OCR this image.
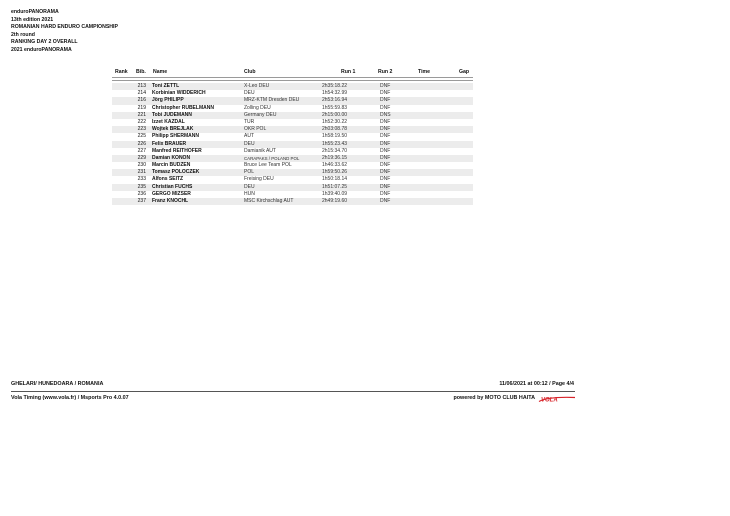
enduroPANORAMA
13th edition 2021
ROMANIAN HARD ENDURO CAMPIONSHIP
2th round
RANKING DAY 2 OVERALL
2021 enduroPANORAMA
Rank Bib. Name	Club	Run 1	Run 2	Time	Gap
213 Toni ZETTL	X-Leo DEU	2h35:18.22	DNF
214 Korbinian WIDDERICH	DEU	1h54:32.99	DNF
216 Jörg PHILIPP	MRZ-KTM Dresden DEU	2h53:16.94	DNF
219 Christopher RUBELMANN	Zolling DEU	1h55:59.83	DNF
221 Tobi JUDEMANN	Germany DEU	2h15:00.00	DNS
222 Izzet KAZDAL	TUR	1h52:30.22	DNF
223 Wojtek BREJLAK	OKR POL	2h03:08.78	DNF
225 Philipp SHERMANN	AUT	1h58:19.50	DNF
226 Felix BRAUER	DEU	1h55:23.43	DNF
227 Manfred REITHOFER	Damianik AUT	2h15:34.70	DNF
229 Damian KONON	CARAPAKS / POLAND POL	2h19:36.15	DNF
230 Marcin BUDZEN	Bruce Lee Team POL	1h46:33.62	DNF
231 Tomasz POLOCZEK	POL	1h59:50.26	DNF
233 Alfons SEITZ	Freising DEU	1h50:18.14	DNF
235 Christian FUCHS	DEU	1h51:07.25	DNF
236 GERGO MIZSER	HUN	1h39:40.09	DNF
237 Franz KNOCHL	MSC Kirchschlag AUT	2h49:19.60	DNF
GHELARI/ HUNEDOARA / ROMANIA	11/06/2021 at 00:12 / Page 4/4
Vola Timing (www.vola.fr) / Msports Pro 4.0.07	powered by MOTO CLUB HAITA VOLA
